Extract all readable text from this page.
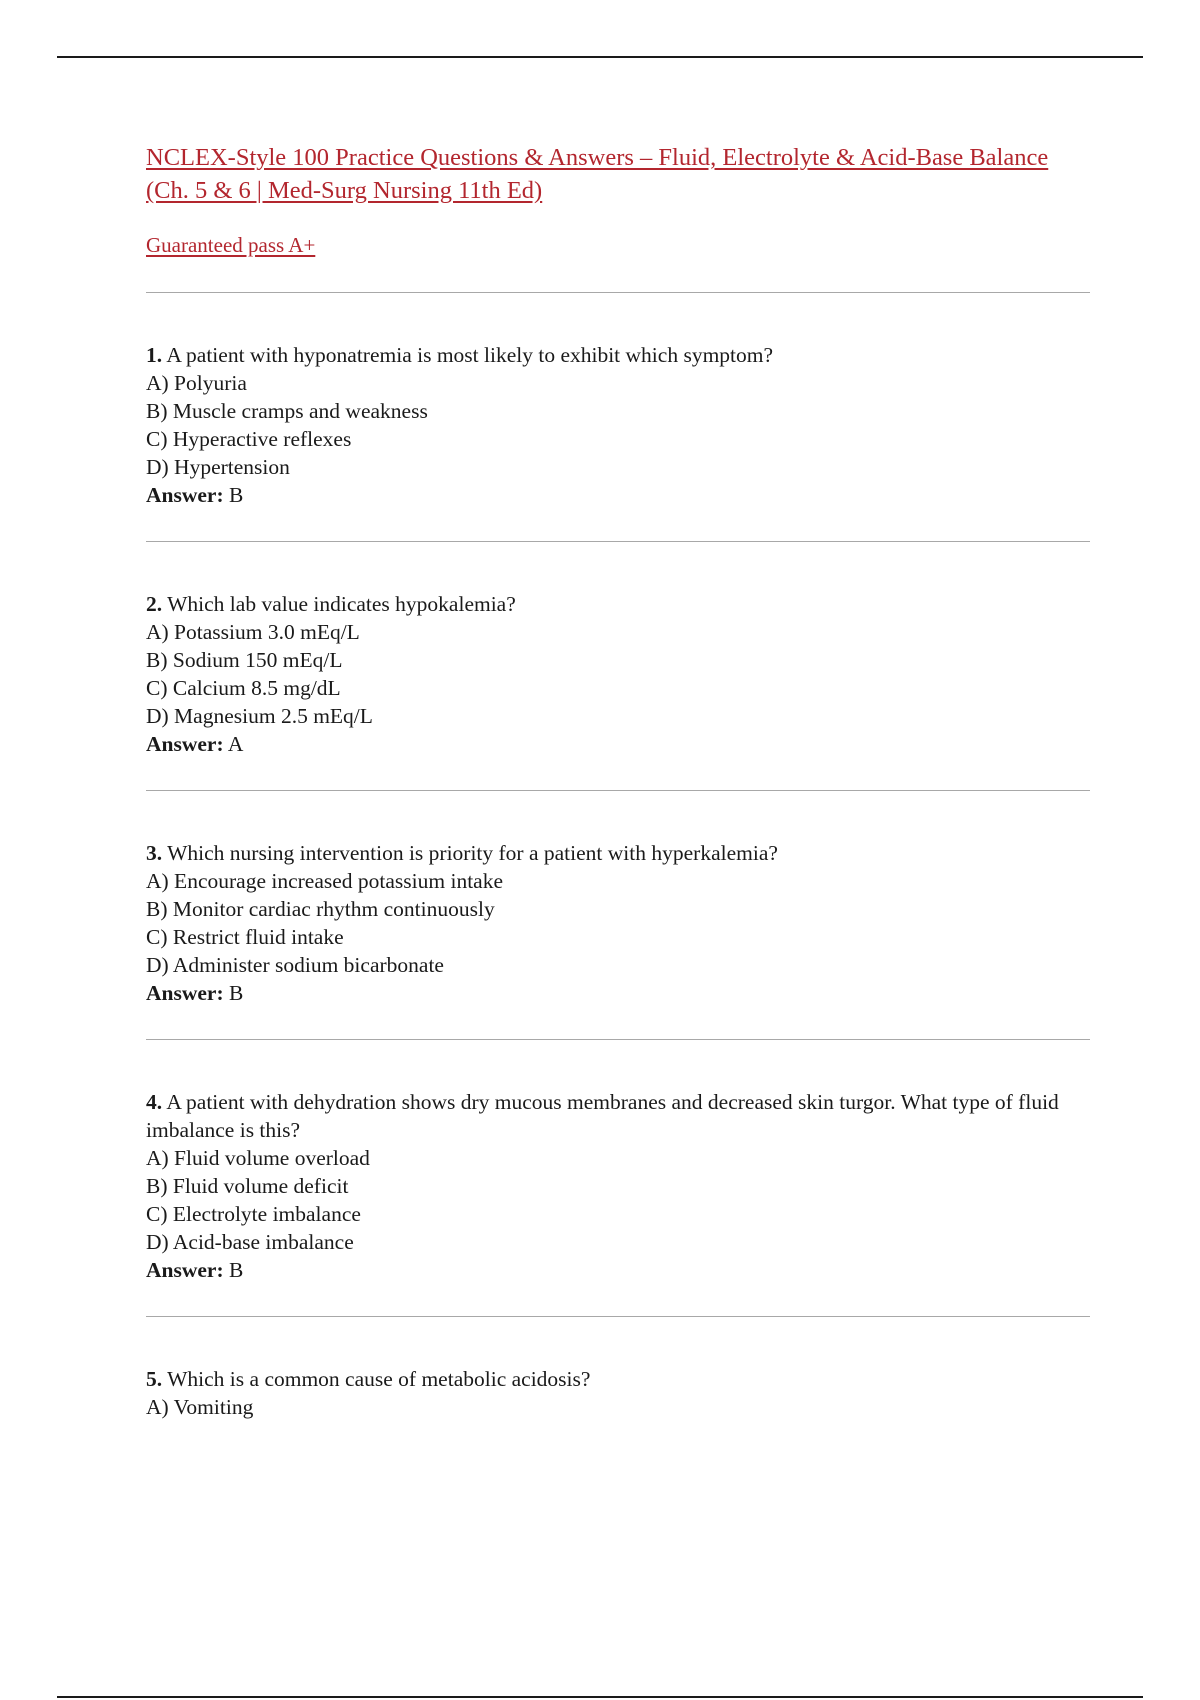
NCLEX-Style 100 Practice Questions & Answers – Fluid, Electrolyte & Acid-Base Balance (Ch. 5 & 6 | Med-Surg Nursing 11th Ed)
Guaranteed pass A+
1. A patient with hyponatremia is most likely to exhibit which symptom?
A) Polyuria
B) Muscle cramps and weakness
C) Hyperactive reflexes
D) Hypertension
Answer: B
2. Which lab value indicates hypokalemia?
A) Potassium 3.0 mEq/L
B) Sodium 150 mEq/L
C) Calcium 8.5 mg/dL
D) Magnesium 2.5 mEq/L
Answer: A
3. Which nursing intervention is priority for a patient with hyperkalemia?
A) Encourage increased potassium intake
B) Monitor cardiac rhythm continuously
C) Restrict fluid intake
D) Administer sodium bicarbonate
Answer: B
4. A patient with dehydration shows dry mucous membranes and decreased skin turgor. What type of fluid imbalance is this?
A) Fluid volume overload
B) Fluid volume deficit
C) Electrolyte imbalance
D) Acid-base imbalance
Answer: B
5. Which is a common cause of metabolic acidosis?
A) Vomiting
